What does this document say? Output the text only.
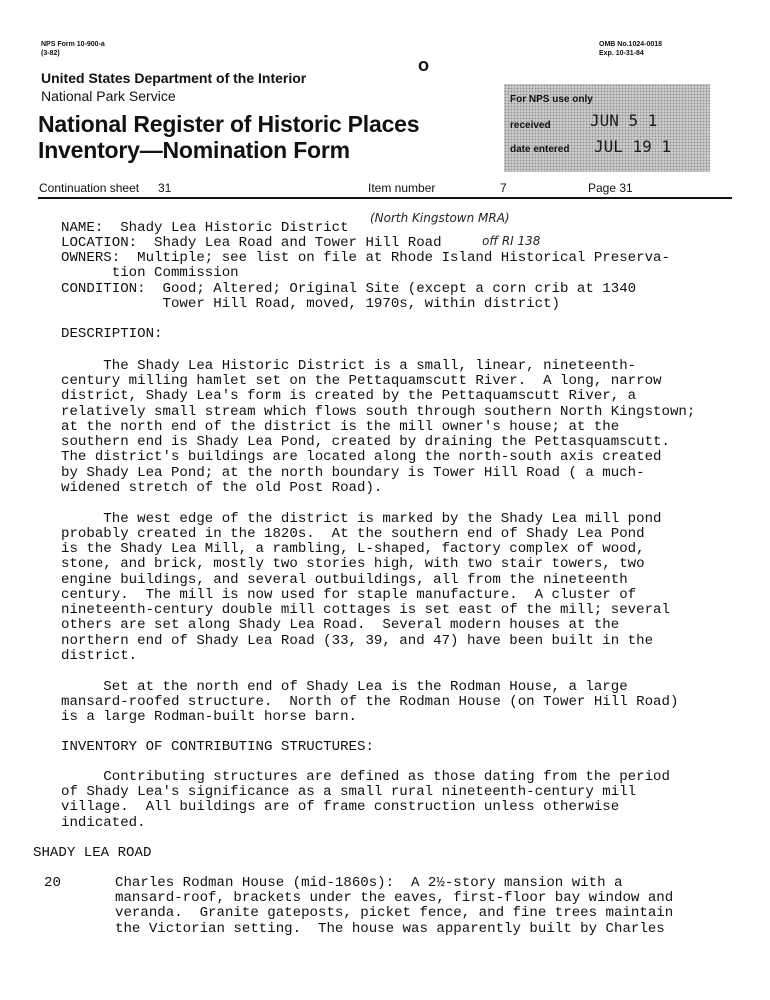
NPS Form 10-900-a
(3-82)
OMB No.1024-0018
Exp. 10-31-84
United States Department of the Interior
National Park Service
O
National Register of Historic Places
Inventory—Nomination Form
For NPS use only
received JUN 5 1
date entered JUL 19 1
Continuation sheet 31	Item number	7	Page 31
NAME:  Shady Lea Historic District
(North Kingstown MRA)
LOCATION:  Shady Lea Road and Tower Hill Road	off RI 138
OWNERS:  Multiple; see list on file at Rhode Island Historical Preserva-
tion Commission
CONDITION:  Good; Altered; Original Site (except a corn crib at 1340
Tower Hill Road, moved, 1970s, within district)
DESCRIPTION:
The Shady Lea Historic District is a small, linear, nineteenth-
century milling hamlet set on the Pettaquamscutt River.  A long, narrow
district, Shady Lea's form is created by the Pettaquamscutt River, a
relatively small stream which flows south through southern North Kingstown;
at the north end of the district is the mill owner's house; at the
southern end is Shady Lea Pond, created by draining the Pettasquamscutt.
The district's buildings are located along the north-south axis created
by Shady Lea Pond; at the north boundary is Tower Hill Road ( a much-
widened stretch of the old Post Road).
The west edge of the district is marked by the Shady Lea mill pond
probably created in the 1820s.  At the southern end of Shady Lea Pond
is the Shady Lea Mill, a rambling, L-shaped, factory complex of wood,
stone, and brick, mostly two stories high, with two stair towers, two
engine buildings, and several outbuildings, all from the nineteenth
century.  The mill is now used for staple manufacture.  A cluster of
nineteenth-century double mill cottages is set east of the mill; several
others are set along Shady Lea Road.  Several modern houses at the
northern end of Shady Lea Road (33, 39, and 47) have been built in the
district.
Set at the north end of Shady Lea is the Rodman House, a large
mansard-roofed structure.  North of the Rodman House (on Tower Hill Road)
is a large Rodman-built horse barn.
INVENTORY OF CONTRIBUTING STRUCTURES:
Contributing structures are defined as those dating from the period
of Shady Lea's significance as a small rural nineteenth-century mill
village.  All buildings are of frame construction unless otherwise
indicated.
SHADY LEA ROAD
20	Charles Rodman House (mid-1860s):  A 2½-story mansion with a
mansard-roof, brackets under the eaves, first-floor bay window and
veranda.  Granite gateposts, picket fence, and fine trees maintain
the Victorian setting.  The house was apparently built by Charles
